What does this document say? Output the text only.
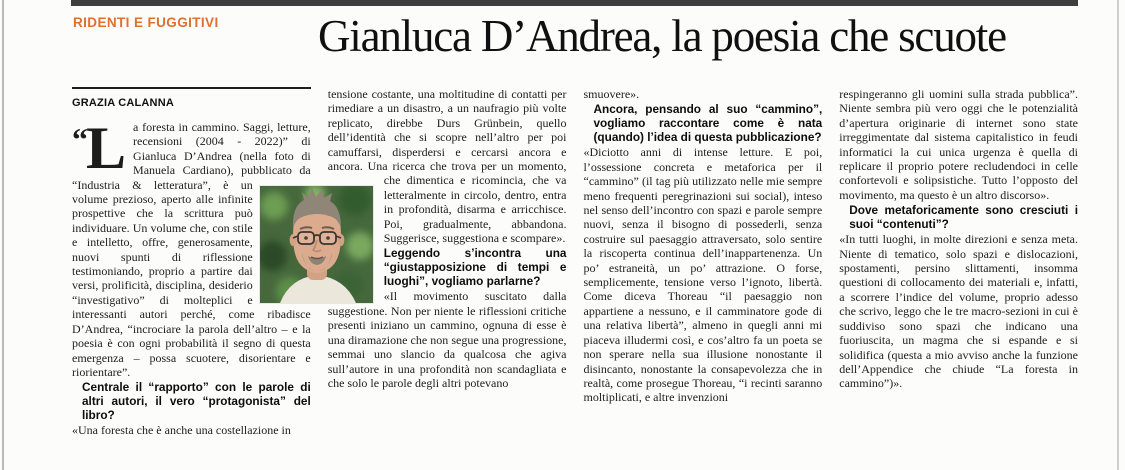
RIDENTI E FUGGITIVI Gianluca D’Andrea, la poesia che scuote
GRAZIA CALANNA

“L a foresta in cammino. Saggi, letture, recensioni (2004 - 2022)” di Gianluca D’Andrea (nella foto di Manuela Cardiano), pubblicato da “Industria & letteratura”, è un volume prezioso, aperto alle infinite prospettive che la scrittura può individuare. Un volume che, con stile e intelletto, offre, generosamente, nuovi spunti di riflessione testimoniando, proprio a partire dai versi, prolificità, disciplina, desiderio “investigativo” di molteplici e interessanti autori perché, come ribadisce D’Andrea, “incrociare la parola dell’altro – e la poesia è con ogni probabilità il segno di questa emergenza – possa scuotere, disorientare e riorientare”.

Centrale il “rapporto” con le parole di altri autori, il vero “protagonista” del libro?

«Una foresta che è anche una costellazione in

tensione costante, una moltitudine di contatti per rimediare a un disastro, a un naufragio più volte replicato, direbbe Durs Grünbein, quello dell’identità che si scopre nell’altro per poi camuffarsi, disperdersi e cercarsi ancora e ancora. Una ricerca che trova per un momento, che dimentica e ricomincia, che va letteralmente in circolo, dentro, entra in profondità, disarma e arricchisce. Poi, gradualmente, abbandona. Suggerisce, suggestiona e scompare».

Leggendo s’incontra una “giustapposizione di tempi e luoghi”, vogliamo parlarne?

«Il movimento suscitato dalla suggestione. Non per niente le riflessioni critiche presenti iniziano un cammino, ognuna di esse è una diramazione che non segue una progressione, semmai uno slancio da qualcosa che agiva sull’autore in una profondità non scandagliata e che solo le parole degli altri potevano

smuovere».

Ancora, pensando al suo “cammino”, vogliamo raccontare come è nata (quando) l’idea di questa pubblicazione?

«Diciotto anni di intense letture. E poi, l’ossessione concreta e metaforica per il “cammino” (il tag più utilizzato nelle mie sempre meno frequenti peregrinazioni sui social), inteso nel senso dell’incontro con spazi e parole sempre nuovi, senza il bisogno di possederli, senza costruire sul paesaggio attraversato, solo sentire la riscoperta continua dell’inappartenenza. Un po’ estraneità, un po’ attrazione. O forse, semplicemente, tensione verso l’ignoto, libertà. Come diceva Thoreau “il paesaggio non appartiene a nessuno, e il camminatore gode di una relativa libertà”, almeno in quegli anni mi piaceva illudermi così, e cos’altro fa un poeta se non sperare nella sua illusione nonostante il disincanto, nonostante la consapevolezza che in realtà, come prosegue Thoreau, “i recinti saranno moltiplicati, e altre invenzioni

respingeranno gli uomini sulla strada pubblica”. Niente sembra più vero oggi che le potenzialità d’apertura originarie di internet sono state irreggimentate dal sistema capitalistico in feudi informatici la cui unica urgenza è quella di replicare il proprio potere recludendoci in celle confortevoli e solipsistiche. Tutto l’opposto del movimento, ma questo è un altro discorso».

Dove metaforicamente sono cresciuti i suoi “contenuti”?

«In tutti luoghi, in molte direzioni e senza meta. Niente di tematico, solo spazi e dislocazioni, spostamenti, persino slittamenti, insomma questioni di collocamento dei materiali e, infatti, a scorrere l’indice del volume, proprio adesso che scrivo, leggo che le tre macro-sezioni in cui è suddiviso sono spazi che indicano una fuoriuscita, un magma che si espande e si solidifica (questa a mio avviso anche la funzione dell’Appendice che chiude “La foresta in cammino”)».
